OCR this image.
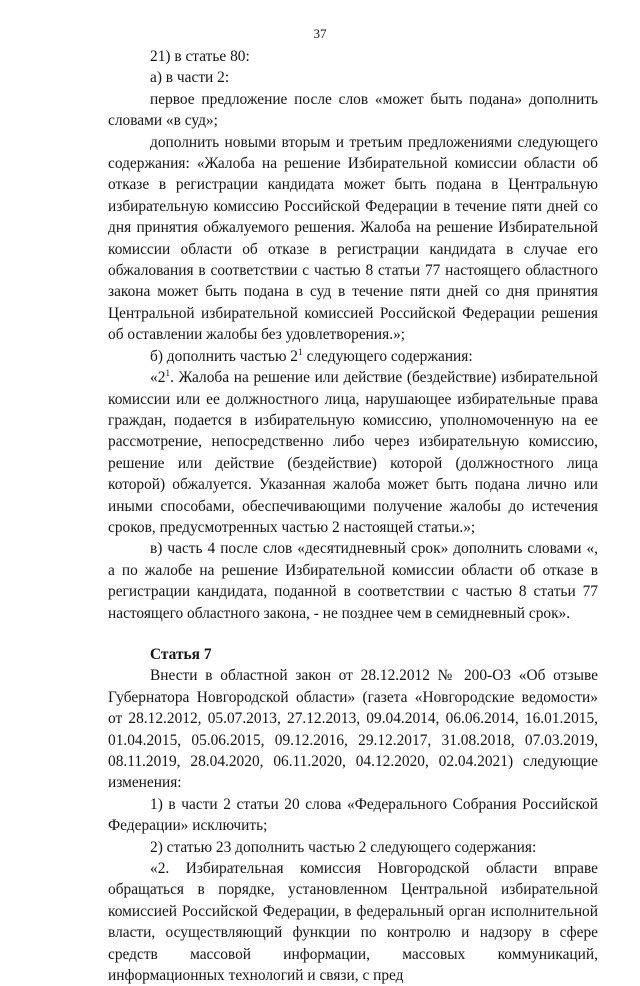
37

21) в статье 80:

а) в части 2:

первое предложение после слов «может быть подана» дополнить словами «в суд»;

дополнить новыми вторым и третьим предложениями следующего содержания: «Жалоба на решение Избирательной комиссии области об отказе в регистрации кандидата может быть подана в Центральную избирательную комиссию Российской Федерации в течение пяти дней со дня принятия обжалуемого решения. Жалоба на решение Избирательной комиссии области об отказе в регистрации кандидата в случае его обжалования в соответствии с частью 8 статьи 77 настоящего областного закона может быть подана в суд в течение пяти дней со дня принятия Центральной избирательной комиссией Российской Федерации решения об оставлении жалобы без удовлетворения.»;

б) дополнить частью $2^1$ следующего содержания:

«$2^1$. Жалоба на решение или действие (бездействие) избирательной комиссии или ее должностного лица, нарушающее избирательные права граждан, подается в избирательную комиссию, уполномоченную на ее рассмотрение, непосредственно либо через избирательную комиссию, решение или действие (бездействие) которой (должностного лица которой) обжалуется. Указанная жалоба может быть подана лично или иными способами, обеспечивающими получение жалобы до истечения сроков, предусмотренных частью 2 настоящей статьи.»;

в) часть 4 после слов «десятидневный срок» дополнить словами «, а по жалобе на решение Избирательной комиссии области об отказе в регистрации кандидата, поданной в соответствии с частью 8 статьи 77 настоящего областного закона, - не позднее чем в семидневный срок».

Статья 7

Внести в областной закон от 28.12.2012 № 200-ОЗ «Об отзыве Губернатора Новгородской области» (газета «Новгородские ведомости» от 28.12.2012, 05.07.2013, 27.12.2013, 09.04.2014, 06.06.2014, 16.01.2015, 01.04.2015, 05.06.2015, 09.12.2016, 29.12.2017, 31.08.2018, 07.03.2019, 08.11.2019, 28.04.2020, 06.11.2020, 04.12.2020, 02.04.2021) следующие изменения:

1) в части 2 статьи 20 слова «Федерального Собрания Российской Федерации» исключить;

2) статью 23 дополнить частью 2 следующего содержания:

«2. Избирательная комиссия Новгородской области вправе обращаться в порядке, установленном Центральной избирательной комиссией Российской Федерации, в федеральный орган исполнительной власти, осуществляющий функции по контролю и надзору в сфере средств массовой информации, массовых коммуникаций, информационных технологий и связи, с пред
